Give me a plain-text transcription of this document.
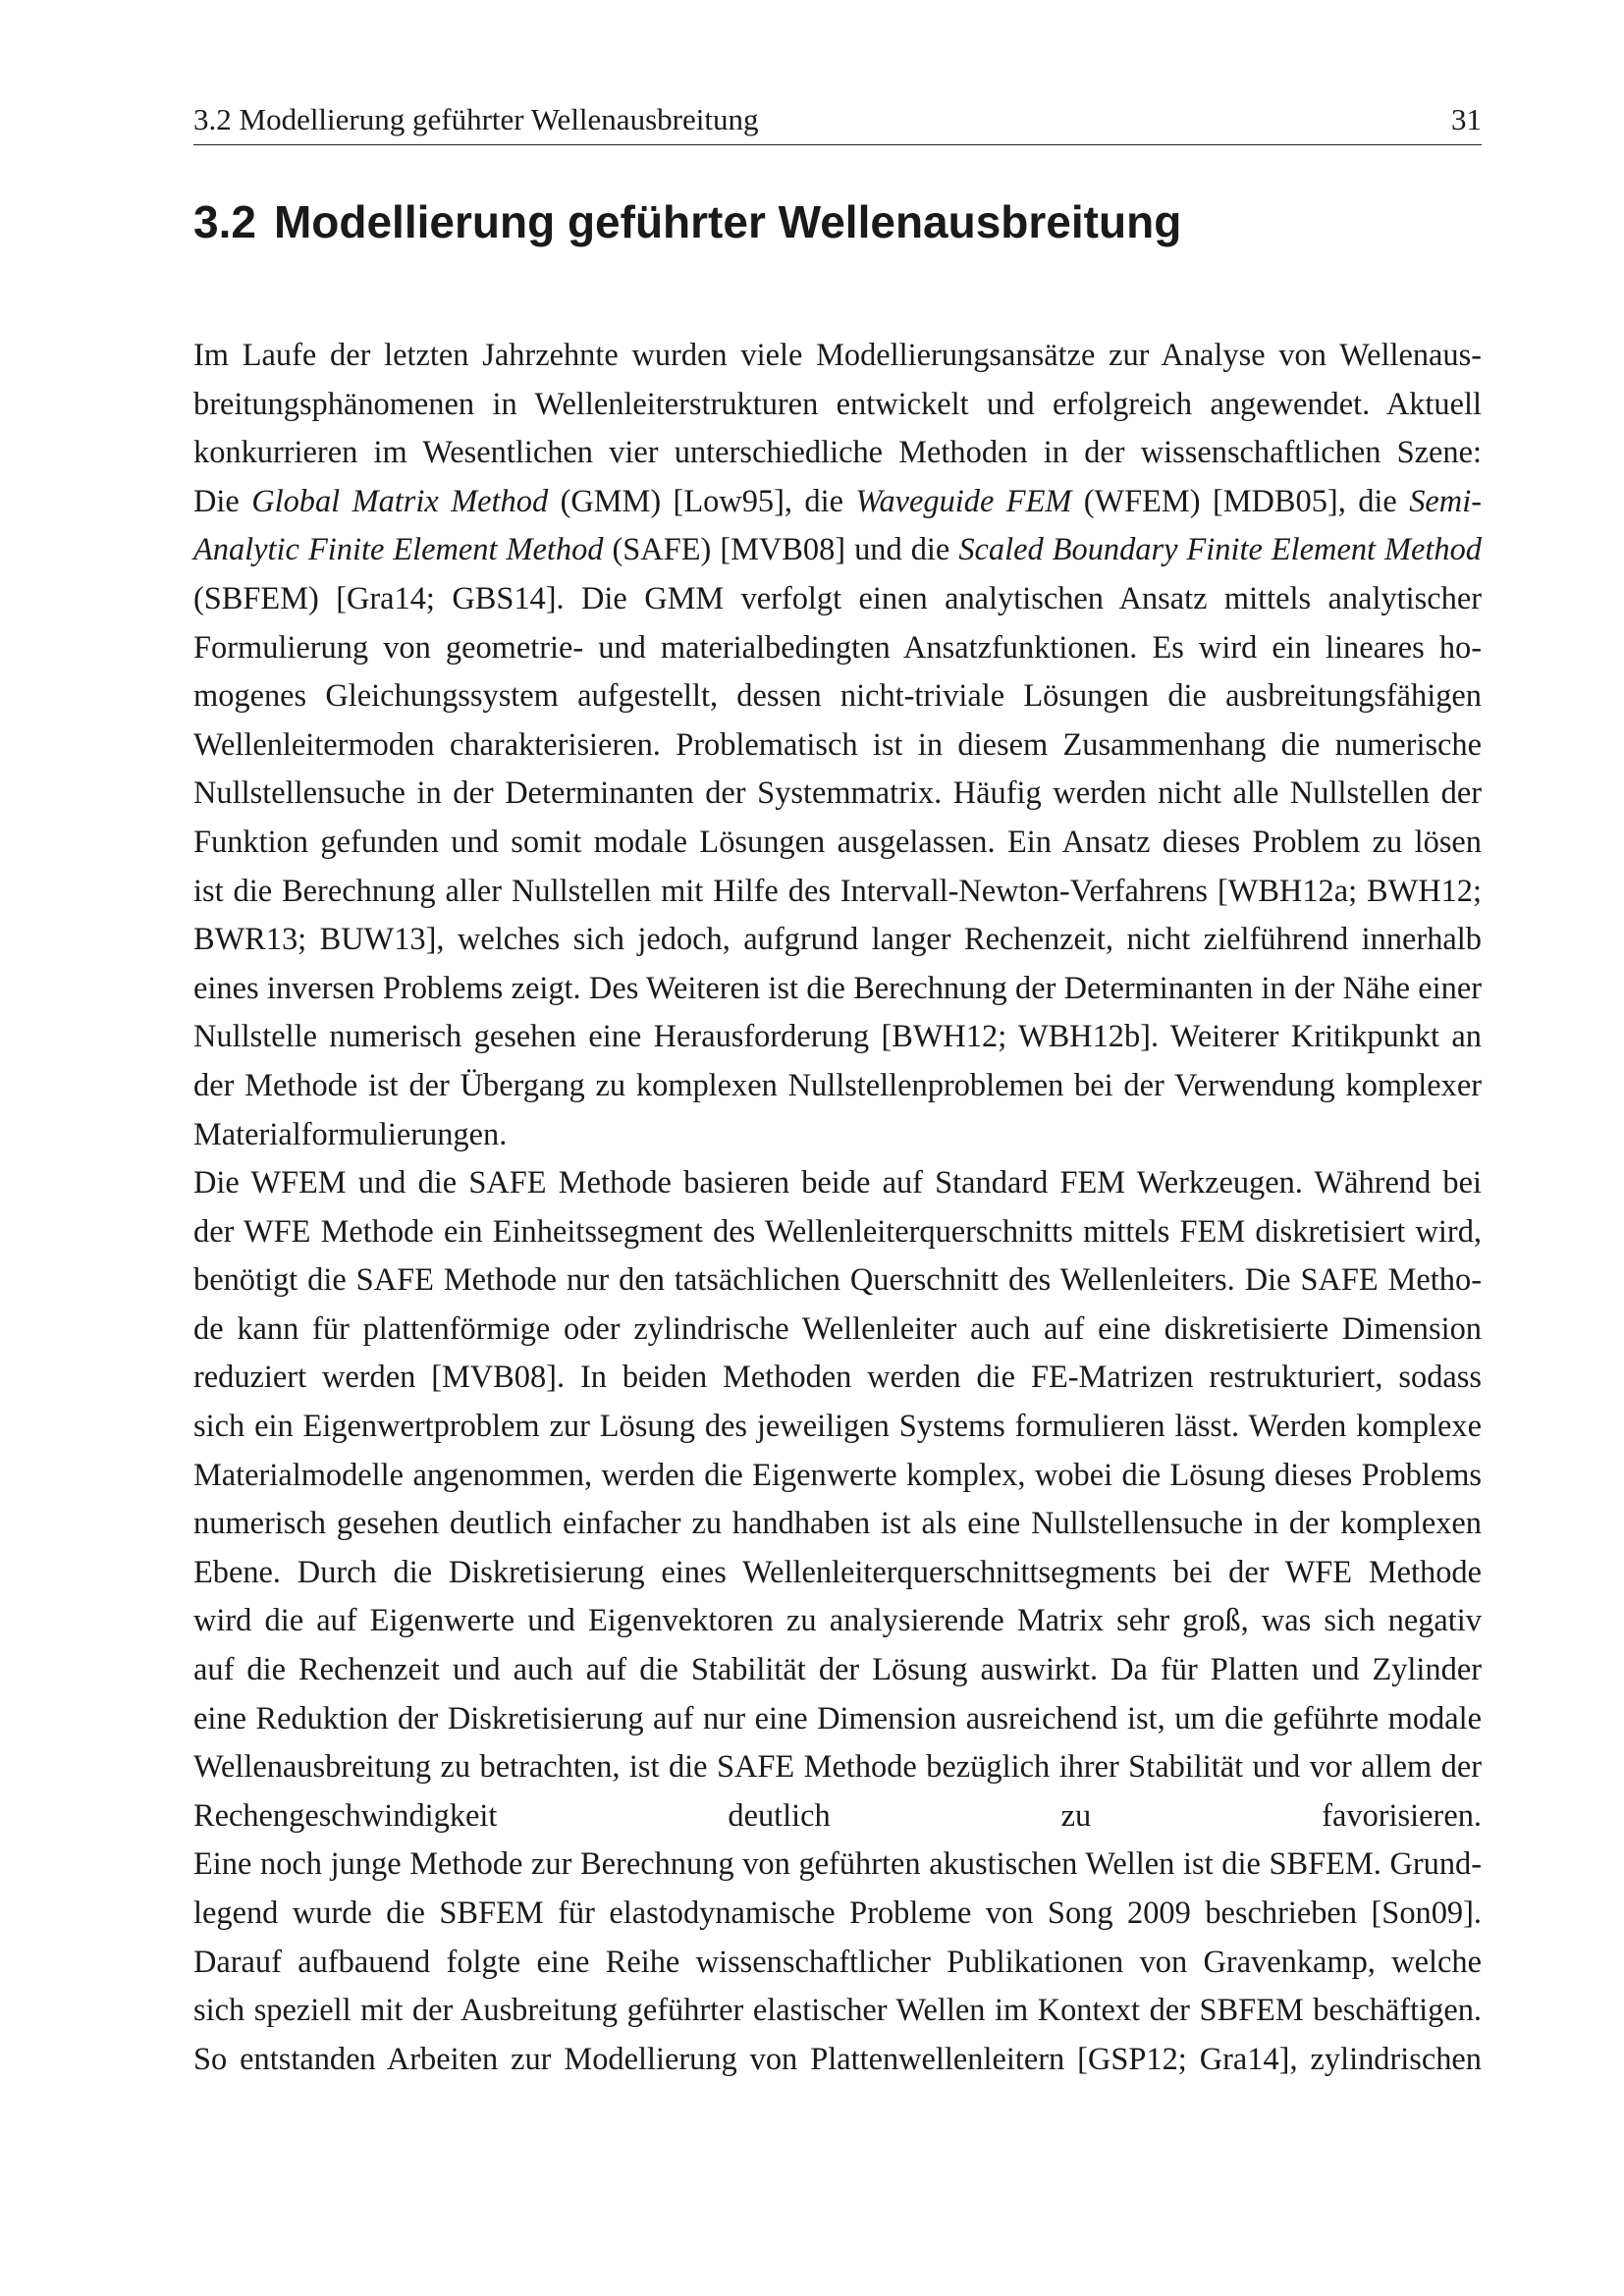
3.2 Modellierung geführter Wellenausbreitung	31
3.2 Modellierung geführter Wellenausbreitung
Im Laufe der letzten Jahrzehnte wurden viele Modellierungsansätze zur Analyse von Wellenaus-
breitungsphänomenen in Wellenleiterstrukturen entwickelt und erfolgreich angewendet. Aktuell
konkurrieren im Wesentlichen vier unterschiedliche Methoden in der wissenschaftlichen Szene:
Die Global Matrix Method (GMM) [Low95], die Waveguide FEM (WFEM) [MDB05], die Semi-
Analytic Finite Element Method (SAFE) [MVB08] und die Scaled Boundary Finite Element Method
(SBFEM) [Gra14; GBS14]. Die GMM verfolgt einen analytischen Ansatz mittels analytischer
Formulierung von geometrie- und materialbedingten Ansatzfunktionen. Es wird ein lineares ho-
mogenes Gleichungssystem aufgestellt, dessen nicht-triviale Lösungen die ausbreitungsfähigen
Wellenleitermoden charakterisieren. Problematisch ist in diesem Zusammenhang die numerische
Nullstellensuche in der Determinanten der Systemmatrix. Häufig werden nicht alle Nullstellen der
Funktion gefunden und somit modale Lösungen ausgelassen. Ein Ansatz dieses Problem zu lösen
ist die Berechnung aller Nullstellen mit Hilfe des Intervall-Newton-Verfahrens [WBH12a; BWH12;
BWR13; BUW13], welches sich jedoch, aufgrund langer Rechenzeit, nicht zielführend innerhalb
eines inversen Problems zeigt. Des Weiteren ist die Berechnung der Determinanten in der Nähe einer
Nullstelle numerisch gesehen eine Herausforderung [BWH12; WBH12b]. Weiterer Kritikpunkt an
der Methode ist der Übergang zu komplexen Nullstellenproblemen bei der Verwendung komplexer
Materialformulierungen.
Die WFEM und die SAFE Methode basieren beide auf Standard FEM Werkzeugen. Während bei
der WFE Methode ein Einheitssegment des Wellenleiterquerschnitts mittels FEM diskretisiert wird,
benötigt die SAFE Methode nur den tatsächlichen Querschnitt des Wellenleiters. Die SAFE Metho-
de kann für plattenförmige oder zylindrische Wellenleiter auch auf eine diskretisierte Dimension
reduziert werden [MVB08]. In beiden Methoden werden die FE-Matrizen restrukturiert, sodass
sich ein Eigenwertproblem zur Lösung des jeweiligen Systems formulieren lässt. Werden komplexe
Materialmodelle angenommen, werden die Eigenwerte komplex, wobei die Lösung dieses Problems
numerisch gesehen deutlich einfacher zu handhaben ist als eine Nullstellensuche in der komplexen
Ebene. Durch die Diskretisierung eines Wellenleiterquerschnittsegments bei der WFE Methode
wird die auf Eigenwerte und Eigenvektoren zu analysierende Matrix sehr groß, was sich negativ
auf die Rechenzeit und auch auf die Stabilität der Lösung auswirkt. Da für Platten und Zylinder
eine Reduktion der Diskretisierung auf nur eine Dimension ausreichend ist, um die geführte modale
Wellenausbreitung zu betrachten, ist die SAFE Methode bezüglich ihrer Stabilität und vor allem der
Rechengeschwindigkeit deutlich zu favorisieren.
Eine noch junge Methode zur Berechnung von geführten akustischen Wellen ist die SBFEM. Grund-
legend wurde die SBFEM für elastodynamische Probleme von Song 2009 beschrieben [Son09].
Darauf aufbauend folgte eine Reihe wissenschaftlicher Publikationen von Gravenkamp, welche
sich speziell mit der Ausbreitung geführter elastischer Wellen im Kontext der SBFEM beschäftigen.
So entstanden Arbeiten zur Modellierung von Plattenwellenleitern [GSP12; Gra14], zylindrischen
